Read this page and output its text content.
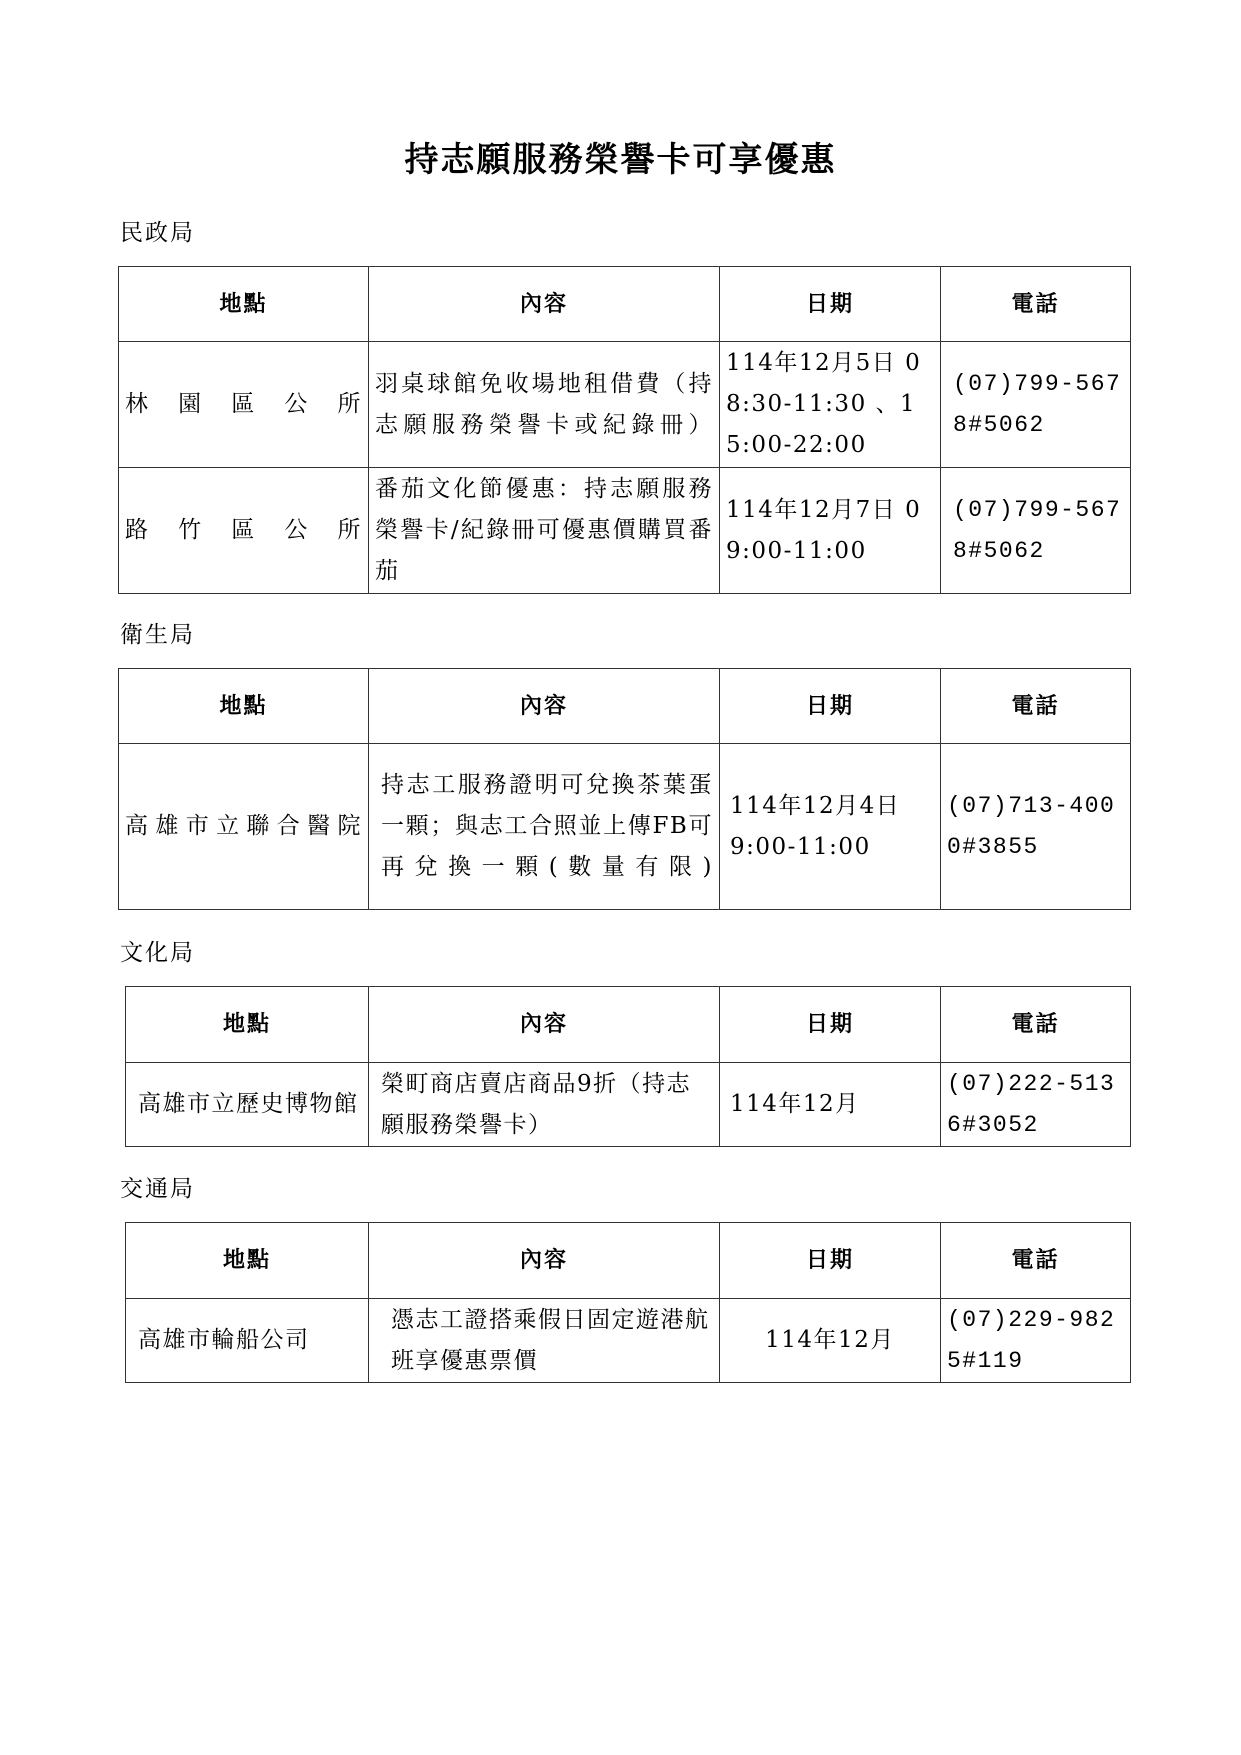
持志願服務榮譽卡可享優惠
民政局
地點	內容	日期	電話
林園區公所	羽桌球館免收場地租借費（持志願服務榮譽卡或紀錄冊）	114年12月5日 08:30-11:30 、15:00-22:00	(07)799-5678#5062
路竹區公所	番茄文化節優惠：持志願服務榮譽卡/紀錄冊可優惠價購買番茄	114年12月7日 09:00-11:00	(07)799-5678#5062
衛生局
地點	內容	日期	電話
高雄市立聯合醫院	持志工服務證明可兌換茶葉蛋一顆；與志工合照並上傳FB可再兌換一顆(數量有限)	114年12月4日 9:00-11:00	(07)713-4000#3855
文化局
地點	內容	日期	電話
高雄市立歷史博物館	榮町商店賣店商品9折（持志願服務榮譽卡）	114年12月	(07)222-5136#3052
交通局
地點	內容	日期	電話
高雄市輪船公司	憑志工證搭乘假日固定遊港航班享優惠票價	114年12月	(07)229-9825#119
